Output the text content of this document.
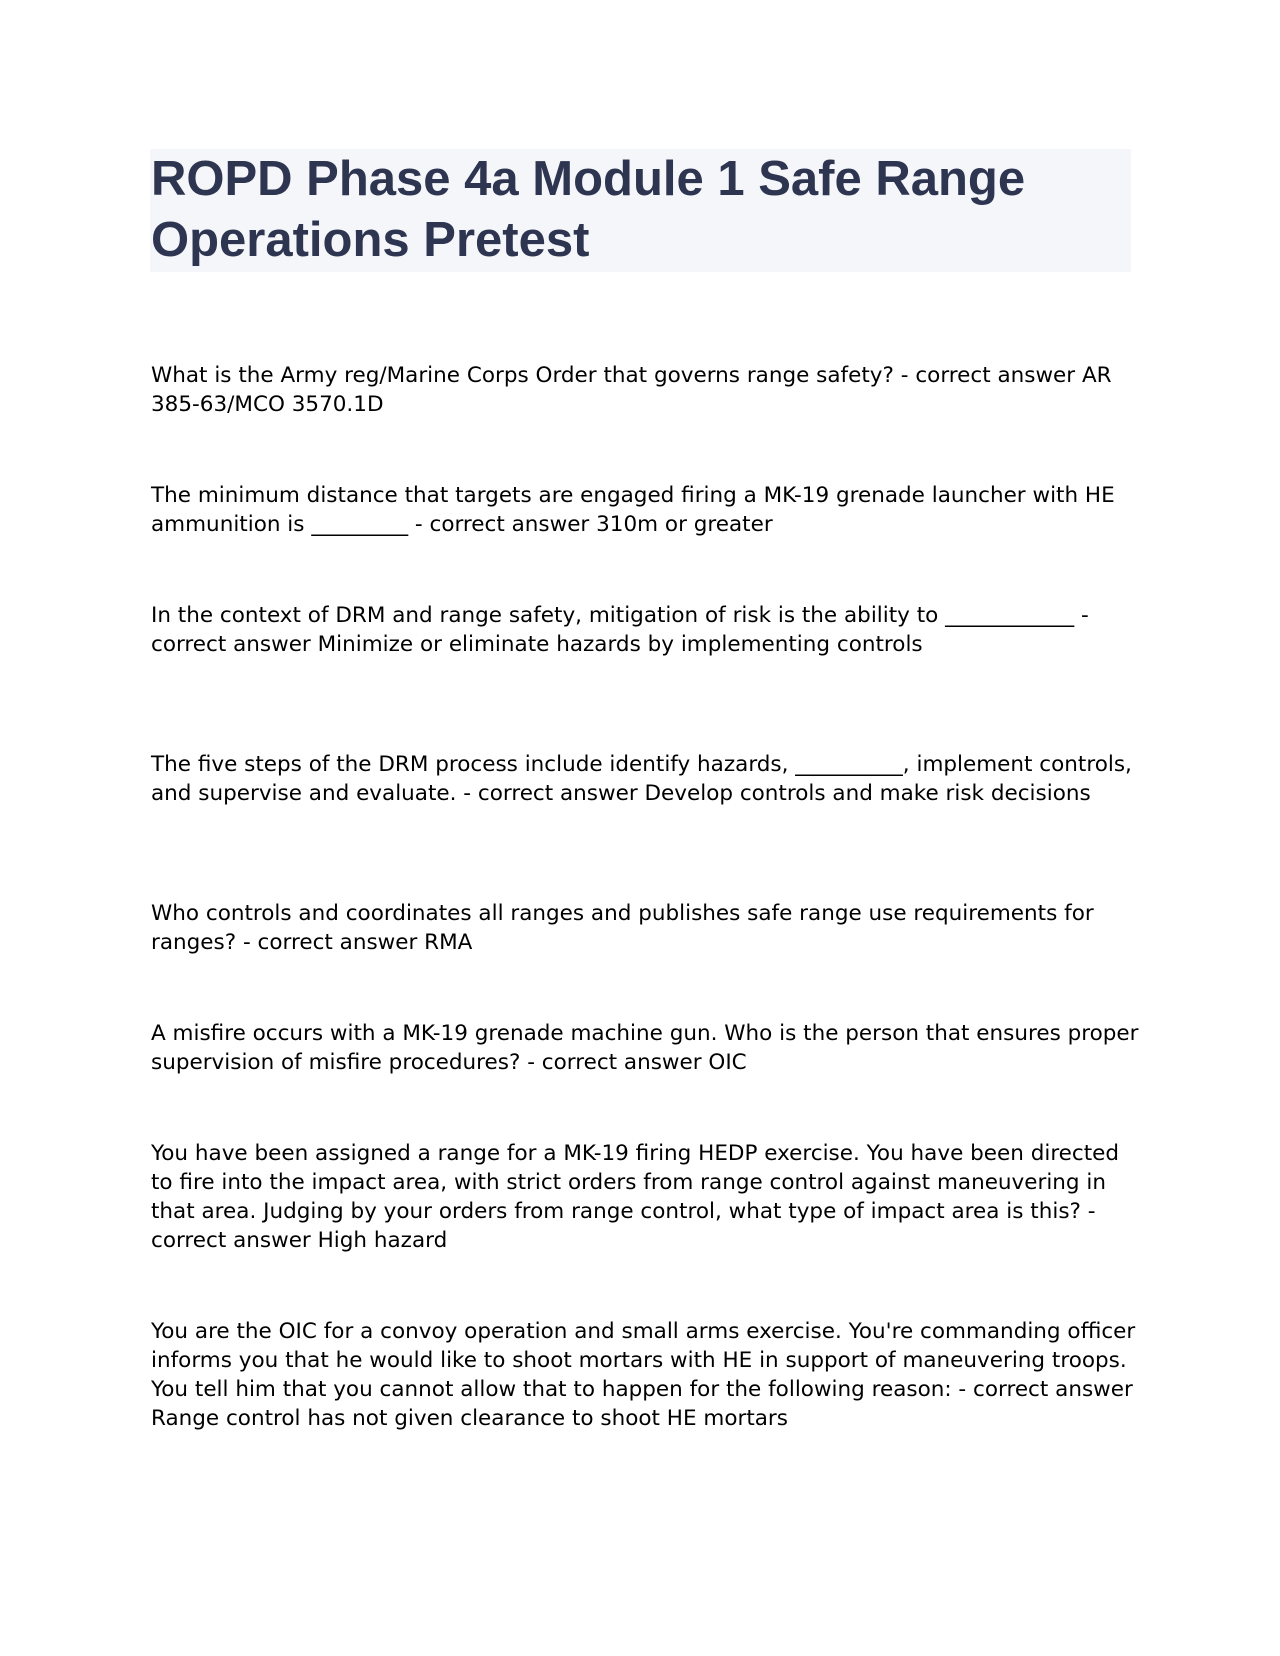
ROPD Phase 4a Module 1 Safe Range Operations Pretest

What is the Army reg/Marine Corps Order that governs range safety? - correct answer AR 385-63/MCO 3570.1D

The minimum distance that targets are engaged firing a MK-19 grenade launcher with HE ammunition is _________ - correct answer 310m or greater

In the context of DRM and range safety, mitigation of risk is the ability to ____________ - correct answer Minimize or eliminate hazards by implementing controls

The five steps of the DRM process include identify hazards, __________, implement controls, and supervise and evaluate. - correct answer Develop controls and make risk decisions

Who controls and coordinates all ranges and publishes safe range use requirements for ranges? - correct answer RMA

A misfire occurs with a MK-19 grenade machine gun. Who is the person that ensures proper supervision of misfire procedures? - correct answer OIC

You have been assigned a range for a MK-19 firing HEDP exercise. You have been directed to fire into the impact area, with strict orders from range control against maneuvering in that area. Judging by your orders from range control, what type of impact area is this? - correct answer High hazard

You are the OIC for a convoy operation and small arms exercise. You're commanding officer informs you that he would like to shoot mortars with HE in support of maneuvering troops. You tell him that you cannot allow that to happen for the following reason: - correct answer Range control has not given clearance to shoot HE mortars
